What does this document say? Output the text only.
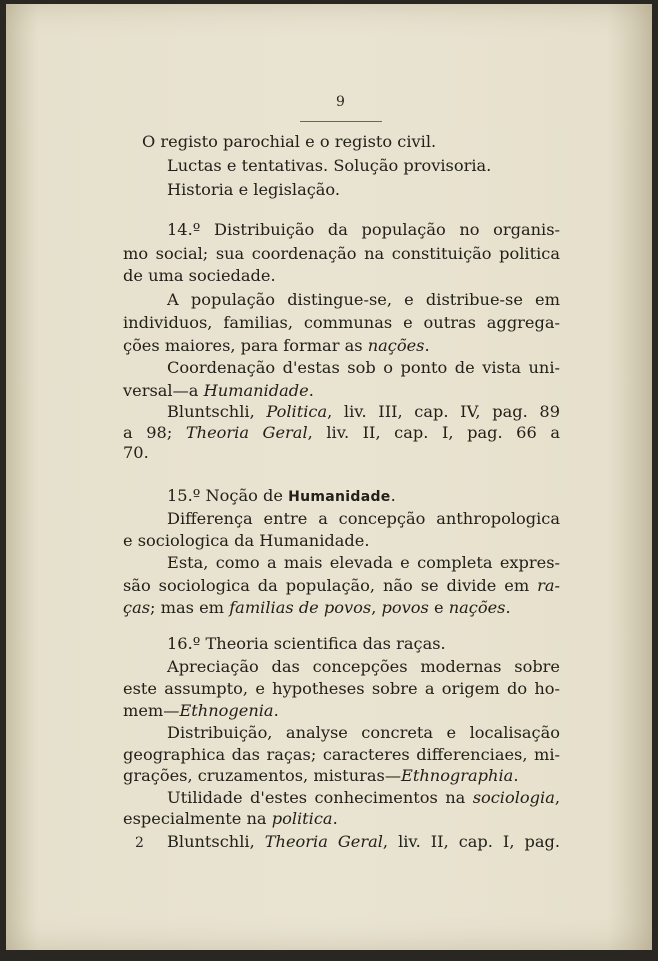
9
O registo parochial e o registo civil.
Luctas e tentativas. Solução provisoria.
Historia e legislação.
14.º Distribuição da população no organis-
mo social; sua coordenação na constituição politica
de uma sociedade.
A população distingue-se, e distribue-se em
individuos, familias, communas e outras aggrega-
ções maiores, para formar as nações.
Coordenação d'estas sob o ponto de vista uni-
versal—a Humanidade.
Bluntschli, Politica, liv. III, cap. IV, pag. 89
a 98; Theoria Geral, liv. II, cap. I, pag. 66 a
70.
15.º Noção de Humanidade.
Differença entre a concepção anthropologica
e sociologica da Humanidade.
Esta, como a mais elevada e completa expres-
são sociologica da população, não se divide em ra-
ças; mas em familias de povos, povos e nações.
16.º Theoria scientifica das raças.
Apreciação das concepções modernas sobre
este assumpto, e hypotheses sobre a origem do ho-
mem—Ethnogenia.
Distribuição, analyse concreta e localisação
geographica das raças; caracteres differenciaes, mi-
grações, cruzamentos, misturas—Ethnographia.
Utilidade d'estes conhecimentos na sociologia,
especialmente na politica.
Bluntschli, Theoria Geral, liv. II, cap. I, pag.
2
